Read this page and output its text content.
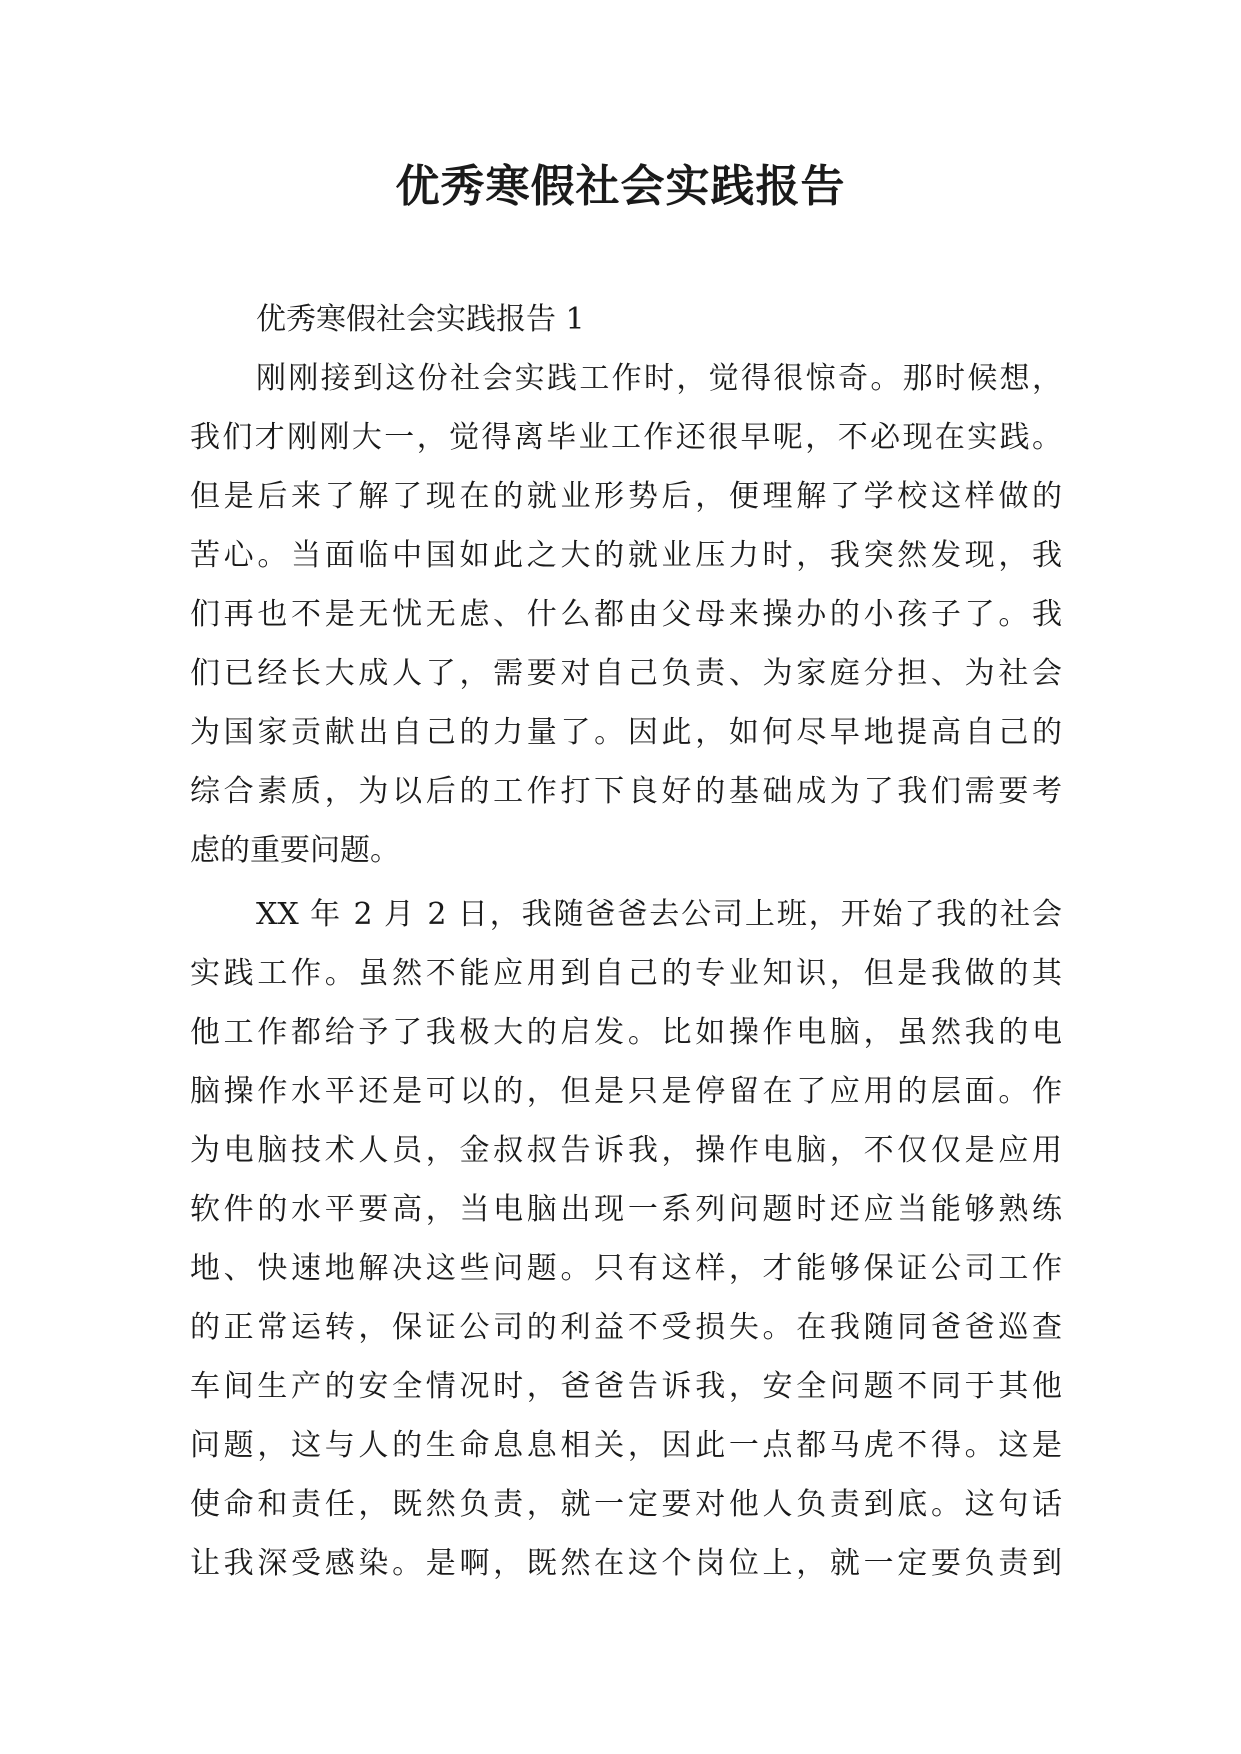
优秀寒假社会实践报告
优秀寒假社会实践报告 1
刚刚接到这份社会实践工作时，觉得很惊奇。那时候想，
我们才刚刚大一，觉得离毕业工作还很早呢，不必现在实践。
但是后来了解了现在的就业形势后，便理解了学校这样做的
苦心。当面临中国如此之大的就业压力时，我突然发现，我
们再也不是无忧无虑、什么都由父母来操办的小孩子了。我
们已经长大成人了，需要对自己负责、为家庭分担、为社会
为国家贡献出自己的力量了。因此，如何尽早地提高自己的
综合素质，为以后的工作打下良好的基础成为了我们需要考
虑的重要问题。
XX 年 2 月 2 日，我随爸爸去公司上班，开始了我的社会
实践工作。虽然不能应用到自己的专业知识，但是我做的其
他工作都给予了我极大的启发。比如操作电脑，虽然我的电
脑操作水平还是可以的，但是只是停留在了应用的层面。作
为电脑技术人员，金叔叔告诉我，操作电脑，不仅仅是应用
软件的水平要高，当电脑出现一系列问题时还应当能够熟练
地、快速地解决这些问题。只有这样，才能够保证公司工作
的正常运转，保证公司的利益不受损失。在我随同爸爸巡查
车间生产的安全情况时，爸爸告诉我，安全问题不同于其他
问题，这与人的生命息息相关，因此一点都马虎不得。这是
使命和责任，既然负责，就一定要对他人负责到底。这句话
让我深受感染。是啊，既然在这个岗位上，就一定要负责到
